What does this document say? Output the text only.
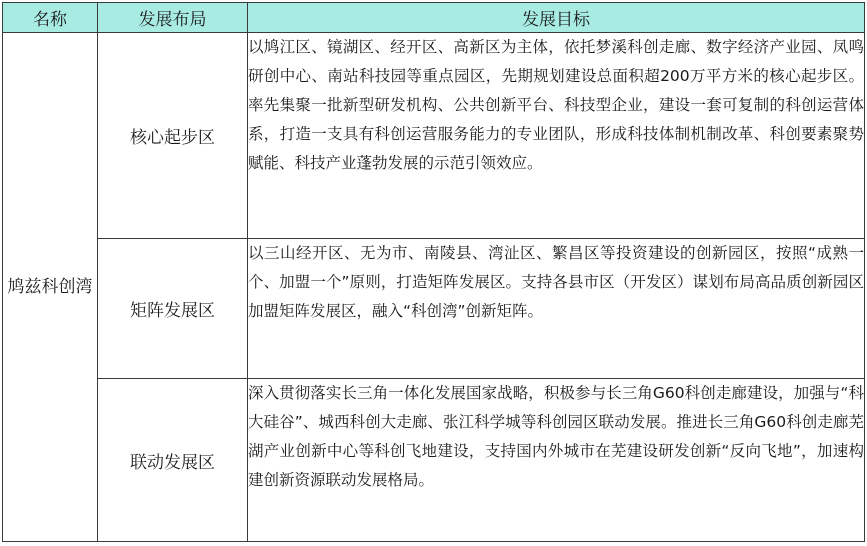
名称	发展布局	发展目标
鸠兹科创湾	核心起步区	以鸠江区、镜湖区、经开区、高新区为主体，依托梦溪科创走廊、数字经济产业园、凤鸣研创中心、南站科技园等重点园区，先期规划建设总面积超200万平方米的核心起步区。率先集聚一批新型研发机构、公共创新平台、科技型企业，建设一套可复制的科创运营体系，打造一支具有科创运营服务能力的专业团队，形成科技体制机制改革、科创要素聚势赋能、科技产业蓬勃发展的示范引领效应。
	矩阵发展区	以三山经开区、无为市、南陵县、湾沚区、繁昌区等投资建设的创新园区，按照“成熟一个、加盟一个”原则，打造矩阵发展区。支持各县市区（开发区）谋划布局高品质创新园区加盟矩阵发展区，融入“科创湾”创新矩阵。
	联动发展区	深入贯彻落实长三角一体化发展国家战略，积极参与长三角G60科创走廊建设，加强与“科大硅谷”、城西科创大走廊、张江科学城等科创园区联动发展。推进长三角G60科创走廊芜湖产业创新中心等科创飞地建设，支持国内外城市在芜建设研发创新“反向飞地”，加速构建创新资源联动发展格局。
